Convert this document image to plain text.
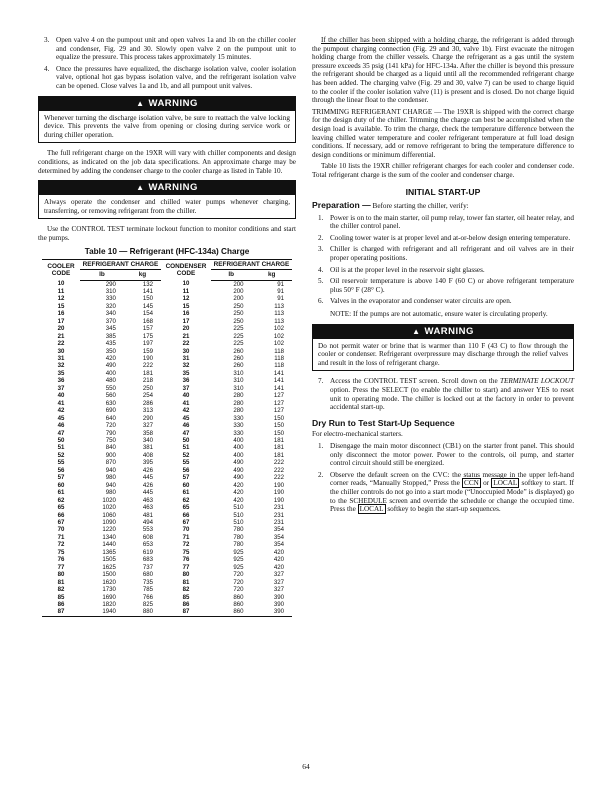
3. Open valve 4 on the pumpout unit and open valves 1a and 1b on the chiller cooler and condenser, Fig. 29 and 30. Slowly open valve 2 on the pumpout unit to equalize the pressure. This process takes approximately 15 minutes.
4. Once the pressures have equalized, the discharge isolation valve, cooler isolation valve, optional hot gas bypass isolation valve, and the refrigerant isolation valve can be opened. Close valves 1a and 1b, and all pumpout unit valves.
▲ WARNING
Whenever turning the discharge isolation valve, be sure to reattach the valve locking device. This prevents the valve from opening or closing during service work or during chiller operation.

The full refrigerant charge on the 19XR will vary with chiller components and design conditions, as indicated on the job data specifications. An approximate charge may be determined by adding the condenser charge to the cooler charge as listed in Table 10.

▲ WARNING
Always operate the condenser and chilled water pumps whenever charging, transferring, or removing refrigerant from the chiller.

Use the CONTROL TEST terminate lockout function to monitor conditions and start the pumps.

Table 10 — Refrigerant (HFC-134a) Charge
COOLER CODE	REFRIGERANT CHARGE		CONDENSER CODE	REFRIGERANT CHARGE	
	lb	kg		lb	kg
10	290	132	10	200	91
11	310	141	11	200	91
12	330	150	12	200	91
15	320	145	15	250	113
16	340	154	16	250	113
17	370	168	17	250	113
20	345	157	20	225	102
21	385	175	21	225	102
22	435	197	22	225	102
30	350	159	30	260	118
31	420	190	31	260	118
32	490	222	32	260	118
35	400	181	35	310	141
36	480	218	36	310	141
37	550	250	37	310	141
40	560	254	40	280	127
41	630	286	41	280	127
42	690	313	42	280	127
45	640	290	45	330	150
46	720	327	46	330	150
47	790	358	47	330	150
50	750	340	50	400	181
51	840	381	51	400	181
52	900	408	52	400	181
55	870	395	55	490	222
56	940	426	56	490	222
57	980	445	57	490	222
60	940	426	60	420	190
61	980	445	61	420	190
62	1020	463	62	420	190
65	1020	463	65	510	231
66	1060	481	66	510	231
67	1090	494	67	510	231
70	1220	553	70	780	354
71	1340	608	71	780	354
72	1440	653	72	780	354
75	1365	619	75	925	420
76	1505	683	76	925	420
77	1625	737	77	925	420
80	1500	680	80	720	327
81	1620	735	81	720	327
82	1730	785	82	720	327
85	1690	766	85	860	390
86	1820	825	86	860	390
87	1940	880	87	860	390

If the chiller has been shipped with a holding charge, the refrigerant is added through the pumpout charging connection (Fig. 29 and 30, valve 1b). First evacuate the nitrogen holding charge from the chiller vessels. Charge the refrigerant as a gas until the system pressure exceeds 35 psig (141 kPa) for HFC-134a. After the chiller is beyond this pressure the refrigerant should be charged as a liquid until all the recommended refrigerant charge has been added. The charging valve (Fig. 29 and 30, valve 7) can be used to charge liquid to the cooler if the cooler isolation valve (11) is present and is closed. Do not charge liquid through the linear float to the condenser.

TRIMMING REFRIGERANT CHARGE — The 19XR is shipped with the correct charge for the design duty of the chiller. Trimming the charge can best be accomplished when the design load is available. To trim the charge, check the temperature difference between the leaving chilled water temperature and cooler refrigerant temperature at full load design conditions. If necessary, add or remove refrigerant to bring the temperature difference to design conditions or minimum differential.

Table 10 lists the 19XR chiller refrigerant charges for each cooler and condenser code. Total refrigerant charge is the sum of the cooler and condenser charge.

INITIAL START-UP

Preparation — Before starting the chiller, verify:

1. Power is on to the main starter, oil pump relay, tower fan starter, oil heater relay, and the chiller control panel.
2. Cooling tower water is at proper level and at-or-below design entering temperature.
3. Chiller is charged with refrigerant and all refrigerant and oil valves are in their proper operating positions.
4. Oil is at the proper level in the reservoir sight glasses.
5. Oil reservoir temperature is above 140 F (60 C) or above refrigerant temperature plus 50° F (28° C).
6. Valves in the evaporator and condenser water circuits are open.
NOTE: If the pumps are not automatic, ensure water is circulating properly.
▲ WARNING
Do not permit water or brine that is warmer than 110 F (43 C) to flow through the cooler or condenser. Refrigerant overpressure may discharge through the relief valves and result in the loss of refrigerant charge.
7. Access the CONTROL TEST screen. Scroll down on the TERMINATE LOCKOUT option. Press the SELECT (to enable the chiller to start) and answer YES to reset unit to operating mode. The chiller is locked out at the factory in order to prevent accidental start-up.
Dry Run to Test Start-Up Sequence

For electro-mechanical starters.

1. Disengage the main motor disconnect (CB1) on the starter front panel. This should only disconnect the motor power. Power to the controls, oil pump, and starter control circuit should still be energized.
2. Observe the default screen on the CVC: the status message in the upper left-hand corner reads, “Manually Stopped,” Press the CCN or LOCAL softkey to start. If the chiller controls do not go into a start mode (“Unoccupied Mode” is displayed) go to the SCHEDULE screen and override the schedule or change the occupied time. Press the LOCAL softkey to begin the start-up sequences.
64
